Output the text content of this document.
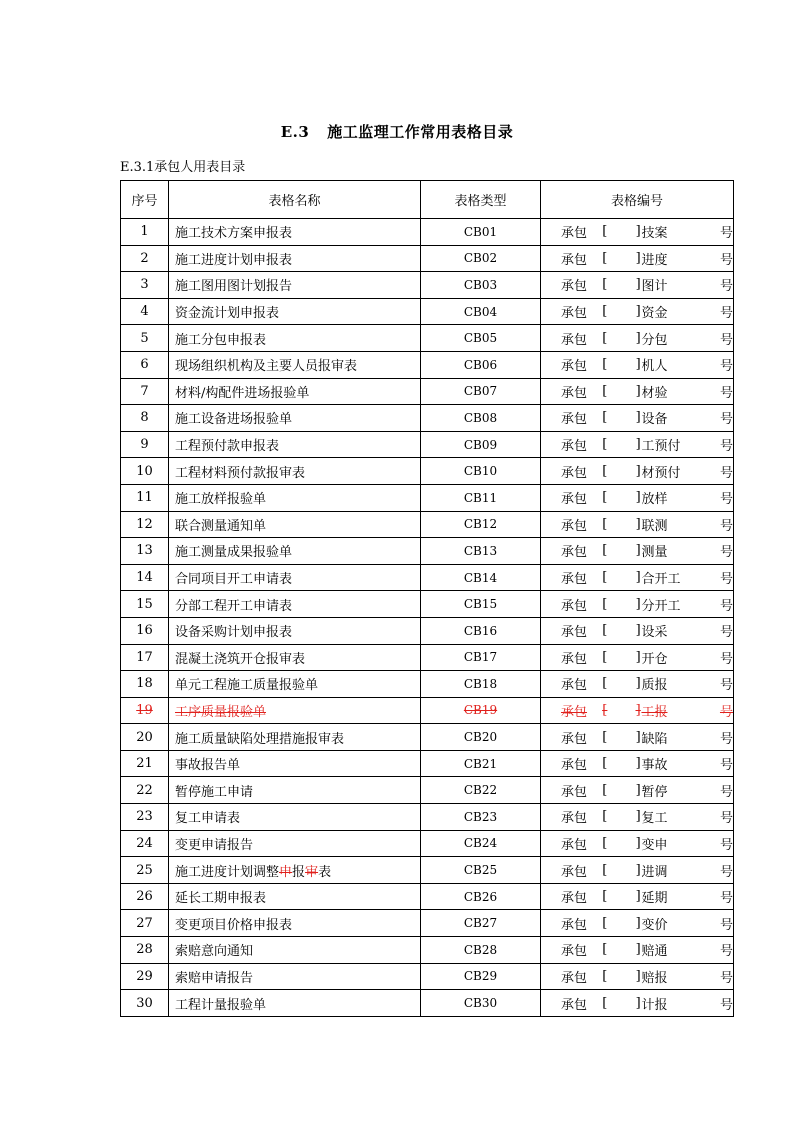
E.3 施工监理工作常用表格目录
E.3.1承包人用表目录
序号	表格名称	表格类型	表格编号
1	施工技术方案申报表	CB01	承包 [ ] 技案 号

2	施工进度计划申报表	CB02	承包 [ ] 进度 号

3	施工图用图计划报告	CB03	承包 [ ] 图计 号

4	资金流计划申报表	CB04	承包 [ ] 资金 号

5	施工分包申报表	CB05	承包 [ ] 分包 号

6	现场组织机构及主要人员报审表	CB06	承包 [ ] 机人 号

7	材料/构配件进场报验单	CB07	承包 [ ] 材验 号

8	施工设备进场报验单	CB08	承包 [ ] 设备 号

9	工程预付款申报表	CB09	承包 [ ] 工预付 号

10	工程材料预付款报审表	CB10	承包 [ ] 材预付 号

11	施工放样报验单	CB11	承包 [ ] 放样 号

12	联合测量通知单	CB12	承包 [ ] 联测 号

13	施工测量成果报验单	CB13	承包 [ ] 测量 号

14	合同项目开工申请表	CB14	承包 [ ] 合开工 号

15	分部工程开工申请表	CB15	承包 [ ] 分开工 号

16	设备采购计划申报表	CB16	承包 [ ] 设采 号

17	混凝土浇筑开仓报审表	CB17	承包 [ ] 开仓 号

18	单元工程施工质量报验单	CB18	承包 [ ] 质报 号

19	工序质量报验单	CB19	承包 [ ] 工报 号

20	施工质量缺陷处理措施报审表	CB20	承包 [ ] 缺陷 号

21	事故报告单	CB21	承包 [ ] 事故 号

22	暂停施工申请	CB22	承包 [ ] 暂停 号

23	复工申请表	CB23	承包 [ ] 复工 号

24	变更申请报告	CB24	承包 [ ] 变申 号

25	施工进度计划调整申报审表	CB25	承包 [ ] 进调 号

26	延长工期申报表	CB26	承包 [ ] 延期 号

27	变更项目价格申报表	CB27	承包 [ ] 变价 号

28	索赔意向通知	CB28	承包 [ ] 赔通 号

29	索赔申请报告	CB29	承包 [ ] 赔报 号

30	工程计量报验单	CB30	承包 [ ] 计报 号
